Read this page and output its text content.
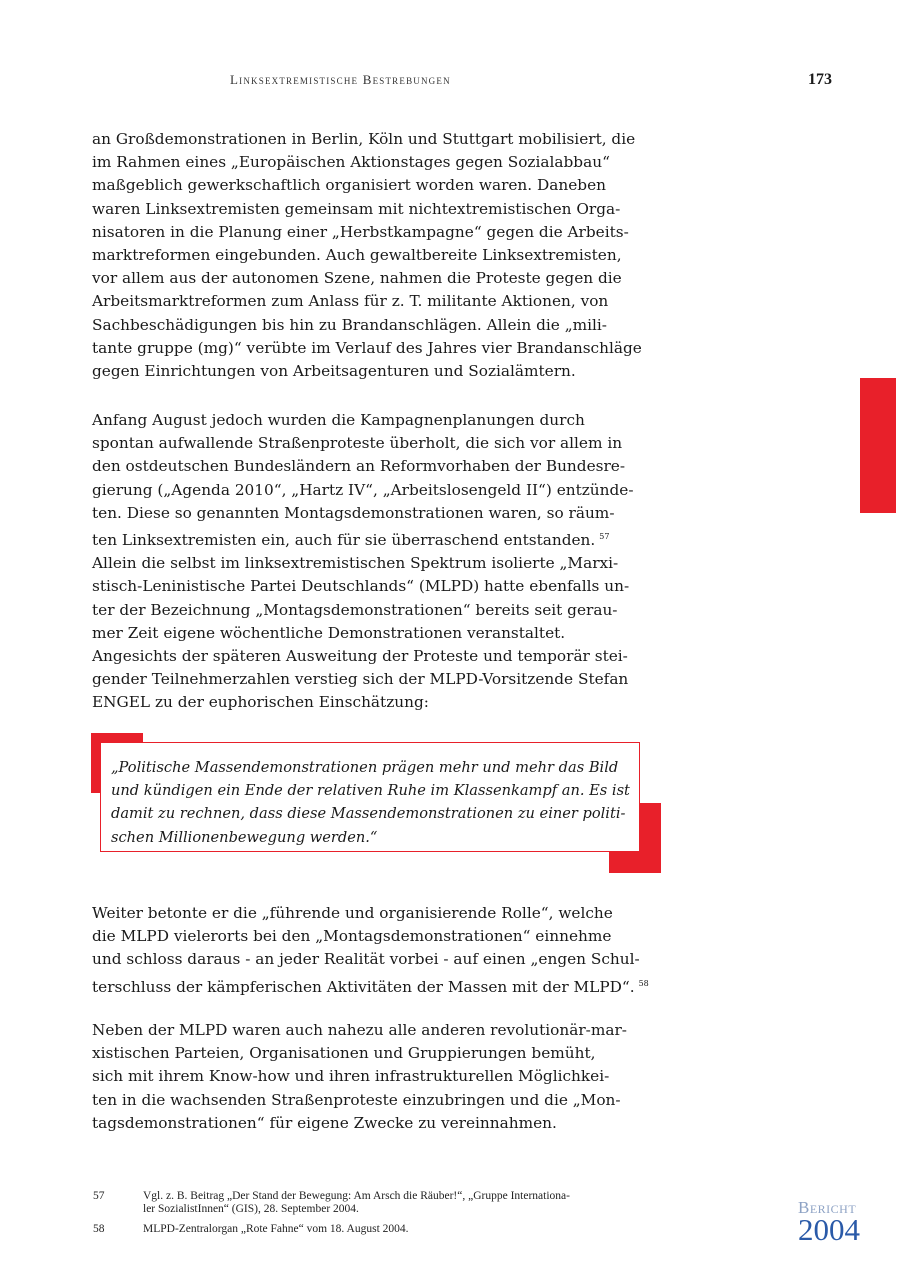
Linksextremistische Bestrebungen	173

an Großdemonstrationen in Berlin, Köln und Stuttgart mobilisiert, die
im Rahmen eines „Europäischen Aktionstages gegen Sozialabbau“
maßgeblich gewerkschaftlich organisiert worden waren. Daneben
waren Linksextremisten gemeinsam mit nichtextremistischen Orga-
nisatoren in die Planung einer „Herbstkampagne“ gegen die Arbeits-
marktreformen eingebunden. Auch gewaltbereite Linksextremisten,
vor allem aus der autonomen Szene, nahmen die Proteste gegen die
Arbeitsmarktreformen zum Anlass für z. T. militante Aktionen, von
Sachbeschädigungen bis hin zu Brandanschlägen. Allein die „mili-
tante gruppe (mg)“ verübte im Verlauf des Jahres vier Brandanschläge
gegen Einrichtungen von Arbeitsagenturen und Sozialämtern.

Anfang August jedoch wurden die Kampagnenplanungen durch
spontan aufwallende Straßenproteste überholt, die sich vor allem in
den ostdeutschen Bundesländern an Reformvorhaben der Bundesre-
gierung („Agenda 2010“, „Hartz IV“, „Arbeitslosengeld II“) entzünde-
ten. Diese so genannten Montagsdemonstrationen waren, so räum-
ten Linksextremisten ein, auch für sie überraschend entstanden. $^{57}$
Allein die selbst im linksextremistischen Spektrum isolierte „Marxi-
stisch-Leninistische Partei Deutschlands“ (MLPD) hatte ebenfalls un-
ter der Bezeichnung „Montagsdemonstrationen“ bereits seit gerau-
mer Zeit eigene wöchentliche Demonstrationen veranstaltet.
Angesichts der späteren Ausweitung der Proteste und temporär stei-
gender Teilnehmerzahlen verstieg sich der MLPD-Vorsitzende Stefan
ENGEL zu der euphorischen Einschätzung:

„Politische Massendemonstrationen prägen mehr und mehr das Bild
und kündigen ein Ende der relativen Ruhe im Klassenkampf an. Es ist
damit zu rechnen, dass diese Massendemonstrationen zu einer politi-
schen Millionenbewegung werden.“

Weiter betonte er die „führende und organisierende Rolle“, welche
die MLPD vielerorts bei den „Montagsdemonstrationen“ einnehme
und schloss daraus - an jeder Realität vorbei - auf einen „engen Schul-
terschluss der kämpferischen Aktivitäten der Massen mit der MLPD“. $^{58}$

Neben der MLPD waren auch nahezu alle anderen revolutionär-mar-
xistischen Parteien, Organisationen und Gruppierungen bemüht,
sich mit ihrem Know-how und ihren infrastrukturellen Möglichkei-
ten in die wachsenden Straßenproteste einzubringen und die „Mon-
tagsdemonstrationen“ für eigene Zwecke zu vereinnahmen.

57	Vgl. z. B. Beitrag „Der Stand der Bewegung: Am Arsch die Räuber!“, „Gruppe Internationa-
ler SozialistInnen“ (GIS), 28. September 2004.
58	MLPD-Zentralorgan „Rote Fahne“ vom 18. August 2004.
Bericht
2004
